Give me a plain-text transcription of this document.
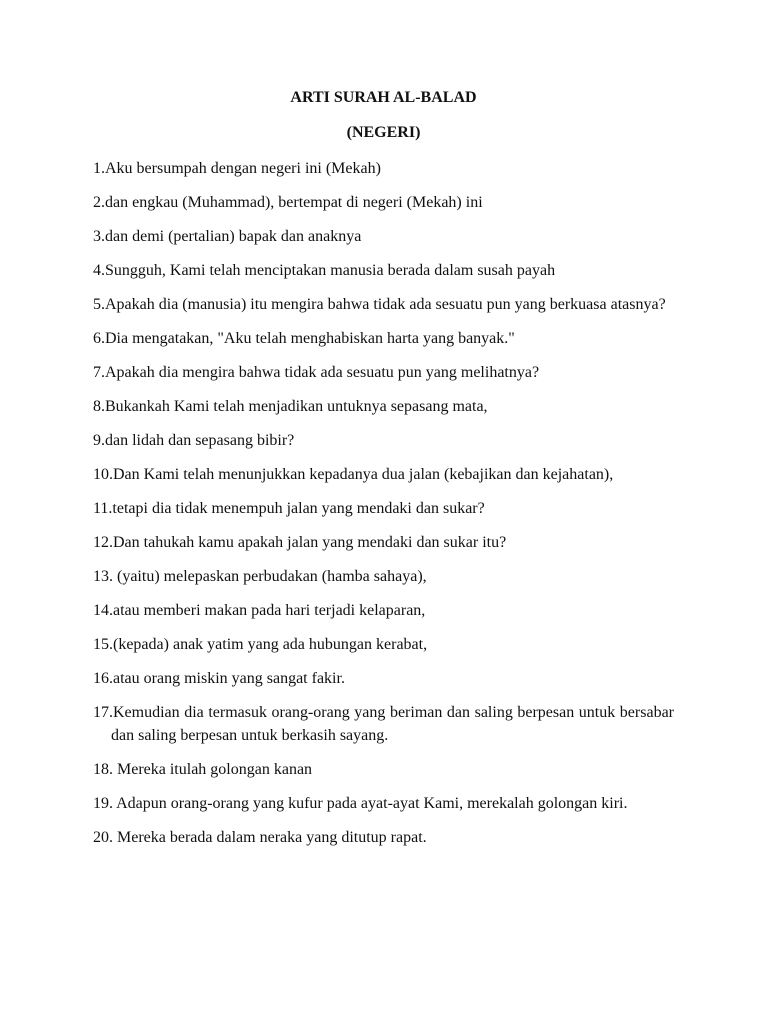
ARTI SURAH AL-BALAD
(NEGERI)
1.Aku bersumpah dengan negeri ini (Mekah)
2.dan engkau (Muhammad), bertempat di negeri (Mekah) ini
3.dan demi (pertalian) bapak dan anaknya
4.Sungguh, Kami telah menciptakan manusia berada dalam susah payah
5.Apakah dia (manusia) itu mengira bahwa tidak ada sesuatu pun yang berkuasa atasnya?
6.Dia mengatakan, "Aku telah menghabiskan harta yang banyak."
7.Apakah dia mengira bahwa tidak ada sesuatu pun yang melihatnya?
8.Bukankah Kami telah menjadikan untuknya sepasang mata,
9.dan lidah dan sepasang bibir?
10.Dan Kami telah menunjukkan kepadanya dua jalan (kebajikan dan kejahatan),
11.tetapi dia tidak menempuh jalan yang mendaki dan sukar?
12.Dan tahukah kamu apakah jalan yang mendaki dan sukar itu?
13. (yaitu) melepaskan perbudakan (hamba sahaya),
14.atau memberi makan pada hari terjadi kelaparan,
15.(kepada) anak yatim yang ada hubungan kerabat,
16.atau orang miskin yang sangat fakir.
17.Kemudian dia termasuk orang-orang yang beriman dan saling berpesan untuk bersabar dan saling berpesan untuk berkasih sayang.
18. Mereka itulah golongan kanan
19. Adapun orang-orang yang kufur pada ayat-ayat Kami, merekalah golongan kiri.
20. Mereka berada dalam neraka yang ditutup rapat.
